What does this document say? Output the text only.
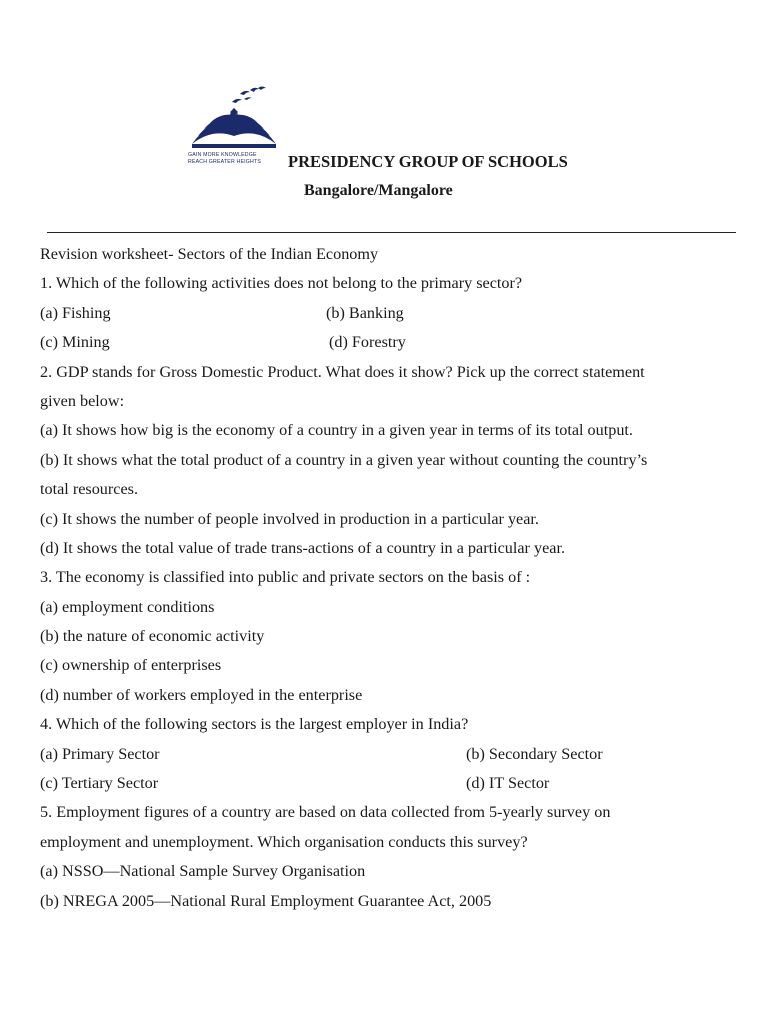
GAIN MORE KNOWLEDGE
REACH GREATER HEIGHTS	PRESIDENCY GROUP OF SCHOOLS
Bangalore/Mangalore
Revision worksheet- Sectors of the Indian Economy
1. Which of the following activities does not belong to the primary sector?
(a) Fishing	(b) Banking
(c) Mining	(d) Forestry
2. GDP stands for Gross Domestic Product. What does it show? Pick up the correct statement
given below:
(a) It shows how big is the economy of a country in a given year in terms of its total output.
(b) It shows what the total product of a country in a given year without counting the country’s
total resources.
(c) It shows the number of people involved in production in a particular year.
(d) It shows the total value of trade trans-actions of a country in a particular year.
3. The economy is classified into public and private sectors on the basis of :
(a) employment conditions
(b) the nature of economic activity
(c) ownership of enterprises
(d) number of workers employed in the enterprise
4. Which of the following sectors is the largest employer in India?
(a) Primary Sector	(b) Secondary Sector
(c) Tertiary Sector	(d) IT Sector
5. Employment figures of a country are based on data collected from 5-yearly survey on
employment and unemployment. Which organisation conducts this survey?
(a) NSSO—National Sample Survey Organisation
(b) NREGA 2005—National Rural Employment Guarantee Act, 2005
